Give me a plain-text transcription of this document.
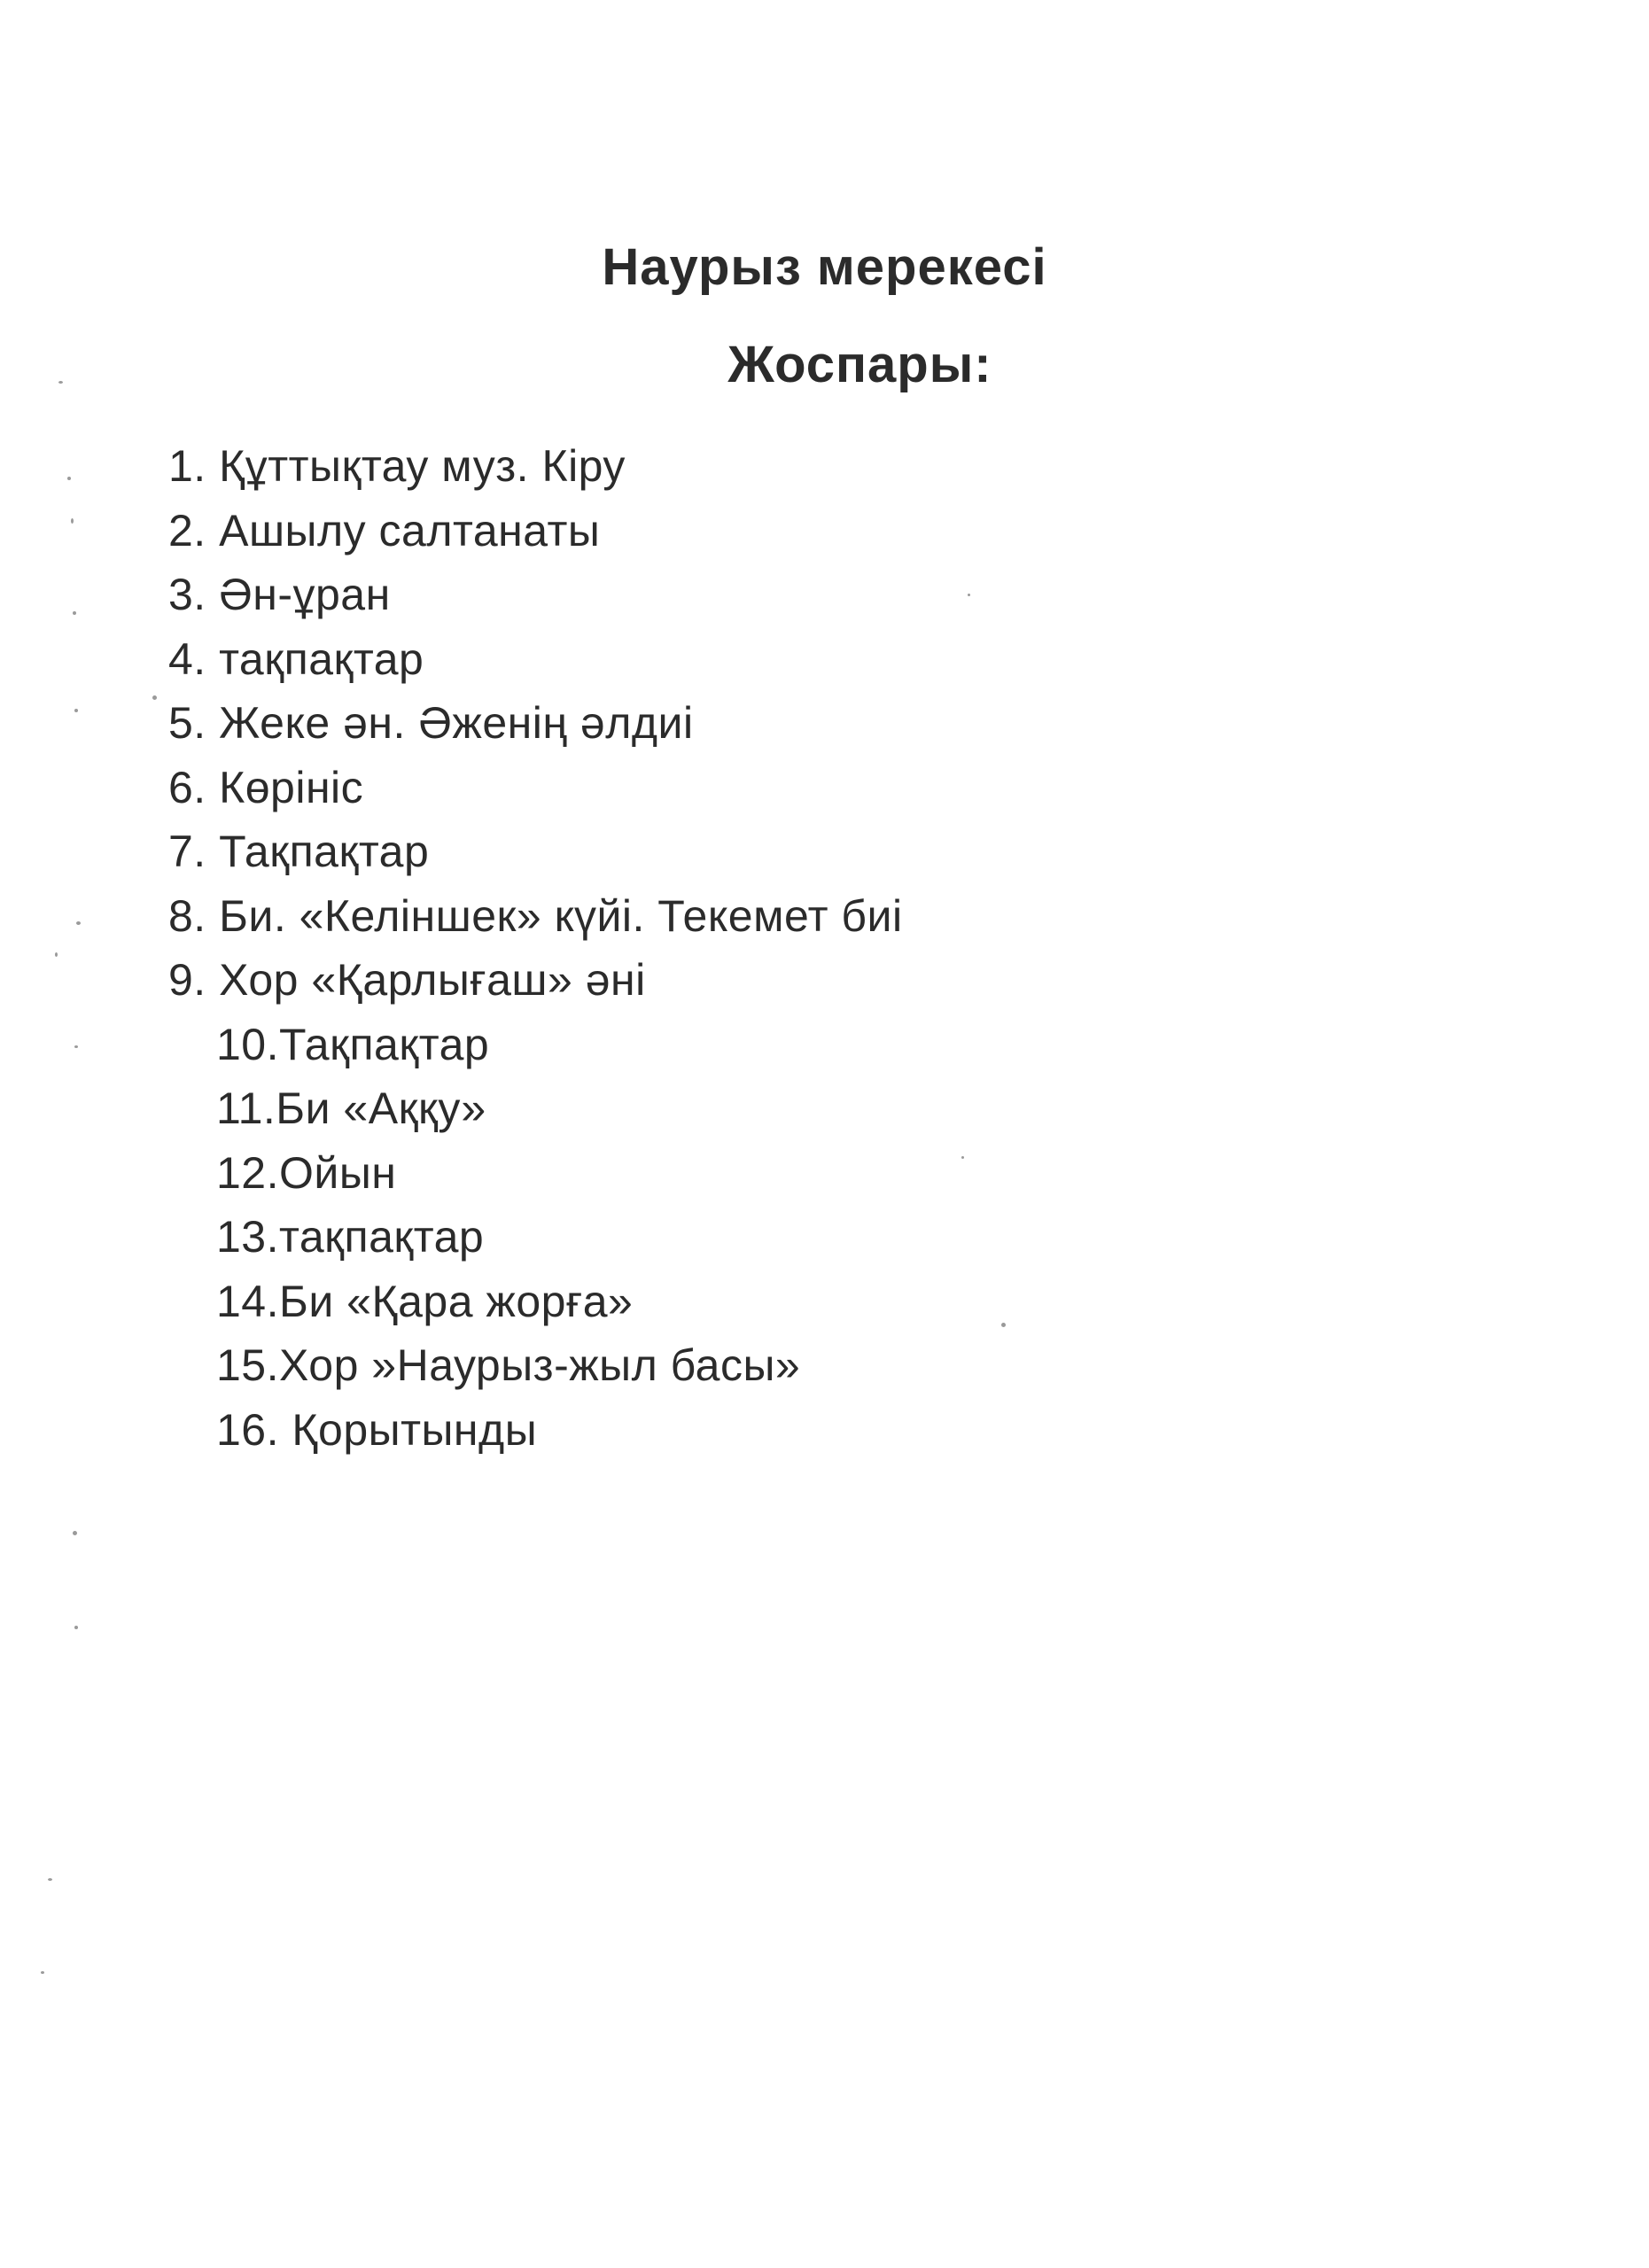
Наурыз мерекесі
Жоспары:
1. Құттықтау муз. Кіру
2. Ашылу салтанаты
3. Ән-ұран
4. тақпақтар
5. Жеке ән. Әженің әлдиі
6. Көрініс
7. Тақпақтар
8. Би. «Келіншек» күйі. Текемет биі
9. Хор «Қарлығаш» әні
10.Тақпақтар
11.Би «Аққу»
12.Ойын
13.тақпақтар
14.Би «Қара жорға»
15.Хор »Наурыз-жыл басы»
16. Қорытынды
